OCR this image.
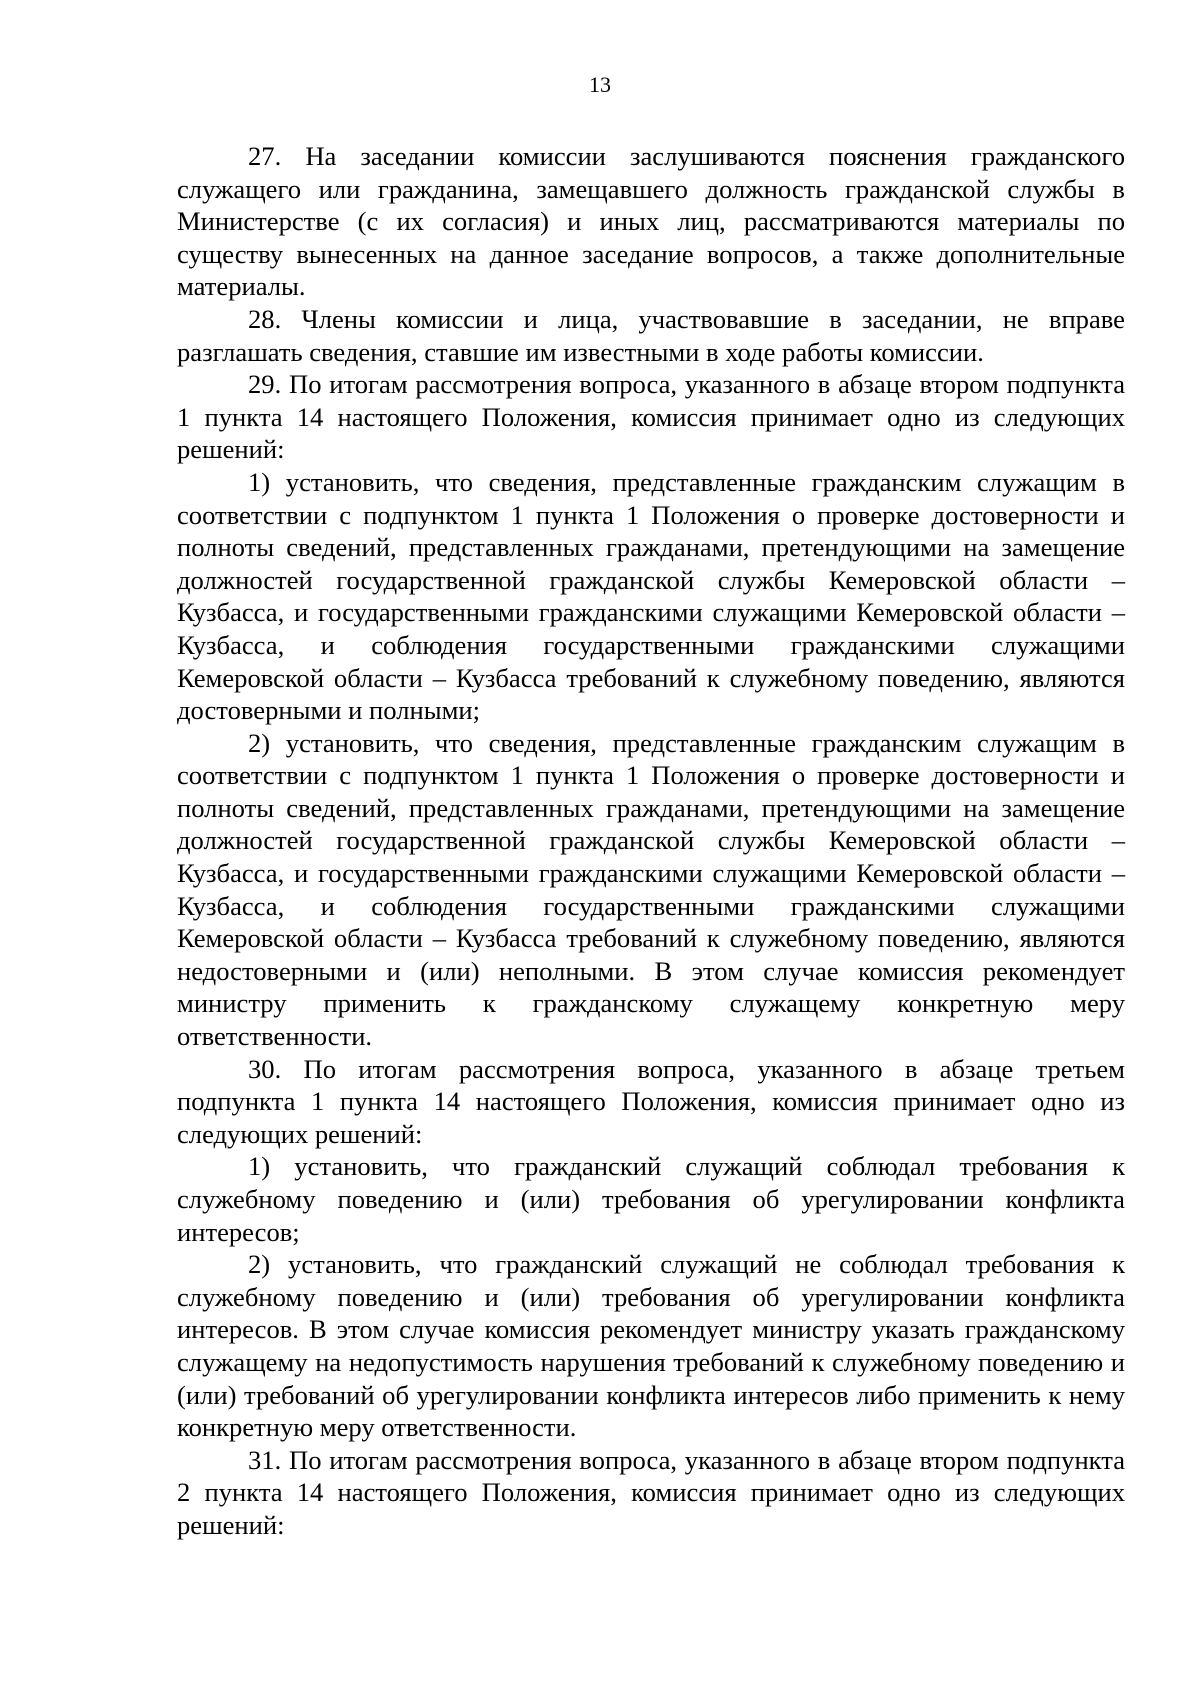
13

27. На заседании комиссии заслушиваются пояснения гражданского служащего или гражданина, замещавшего должность гражданской службы в Министерстве (с их согласия) и иных лиц, рассматриваются материалы по существу вынесенных на данное заседание вопросов, а также дополнительные материалы.

28. Члены комиссии и лица, участвовавшие в заседании, не вправе разглашать сведения, ставшие им известными в ходе работы комиссии.

29. По итогам рассмотрения вопроса, указанного в абзаце втором подпункта 1 пункта 14 настоящего Положения, комиссия принимает одно из следующих решений:

1) установить, что сведения, представленные гражданским служащим в соответствии с подпунктом 1 пункта 1 Положения о проверке достоверности и полноты сведений, представленных гражданами, претендующими на замещение должностей государственной гражданской службы Кемеровской области – Кузбасса, и государственными гражданскими служащими Кемеровской области – Кузбасса, и соблюдения государственными гражданскими служащими Кемеровской области – Кузбасса требований к служебному поведению, являются достоверными и полными;

2) установить, что сведения, представленные гражданским служащим в соответствии с подпунктом 1 пункта 1 Положения о проверке достоверности и полноты сведений, представленных гражданами, претендующими на замещение должностей государственной гражданской службы Кемеровской области – Кузбасса, и государственными гражданскими служащими Кемеровской области – Кузбасса, и соблюдения государственными гражданскими служащими Кемеровской области – Кузбасса требований к служебному поведению, являются недостоверными и (или) неполными. В этом случае комиссия рекомендует министру применить к гражданскому служащему конкретную меру ответственности.

30. По итогам рассмотрения вопроса, указанного в абзаце третьем подпункта 1 пункта 14 настоящего Положения, комиссия принимает одно из следующих решений:

1) установить, что гражданский служащий соблюдал требования к служебному поведению и (или) требования об урегулировании конфликта интересов;

2) установить, что гражданский служащий не соблюдал требования к служебному поведению и (или) требования об урегулировании конфликта интересов. В этом случае комиссия рекомендует министру указать гражданскому служащему на недопустимость нарушения требований к служебному поведению и (или) требований об урегулировании конфликта интересов либо применить к нему конкретную меру ответственности.

31. По итогам рассмотрения вопроса, указанного в абзаце втором подпункта 2 пункта 14 настоящего Положения, комиссия принимает одно из следующих решений:
